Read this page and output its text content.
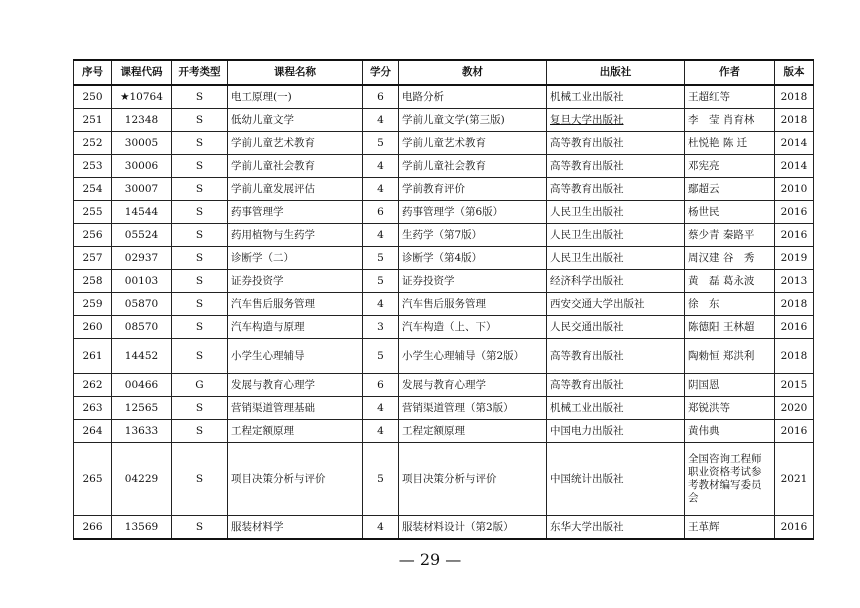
序号	课程代码	开考类型	课程名称	学分	教材	出版社	作者	版本
250	★10764	S	电工原理(一)	6	电路分析	机械工业出版社	王超红等	2018
251	12348	S	低幼儿童文学	4	学前儿童文学(第三版)	复旦大学出版社	李　莹 肖育林	2018
252	30005	S	学前儿童艺术教育	5	学前儿童艺术教育	高等教育出版社	杜悦艳 陈 迁	2014
253	30006	S	学前儿童社会教育	4	学前儿童社会教育	高等教育出版社	邓宪亮	2014
254	30007	S	学前儿童发展评估	4	学前教育评价	高等教育出版社	鄢超云	2010
255	14544	S	药事管理学	6	药事管理学（第6版）	人民卫生出版社	杨世民	2016
256	05524	S	药用植物与生药学	4	生药学（第7版）	人民卫生出版社	蔡少青 秦路平	2016
257	02937	S	诊断学（二）	5	诊断学（第4版）	人民卫生出版社	周汉建 谷　秀	2019
258	00103	S	证券投资学	5	证券投资学	经济科学出版社	黄　磊 葛永波	2013
259	05870	S	汽车售后服务管理	4	汽车售后服务管理	西安交通大学出版社	徐　东	2018
260	08570	S	汽车构造与原理	3	汽车构造（上、下）	人民交通出版社	陈德阳 王林超	2016
261	14452	S	小学生心理辅导	5	小学生心理辅导（第2版）	高等教育出版社	陶勑恒 郑洪利	2018
262	00466	G	发展与教育心理学	6	发展与教育心理学	高等教育出版社	阴国恩	2015
263	12565	S	营销渠道管理基础	4	营销渠道管理（第3版）	机械工业出版社	郑锐洪等	2020
264	13633	S	工程定额原理	4	工程定额原理	中国电力出版社	黄伟典	2016
265	04229	S	项目决策分析与评价	5	项目决策分析与评价	中国统计出版社	全国咨询工程师职业资格考试参考教材编写委员会	2021
266	13569	S	服装材料学	4	服装材料设计（第2版）	东华大学出版社	王革辉	2016
— 29 —
